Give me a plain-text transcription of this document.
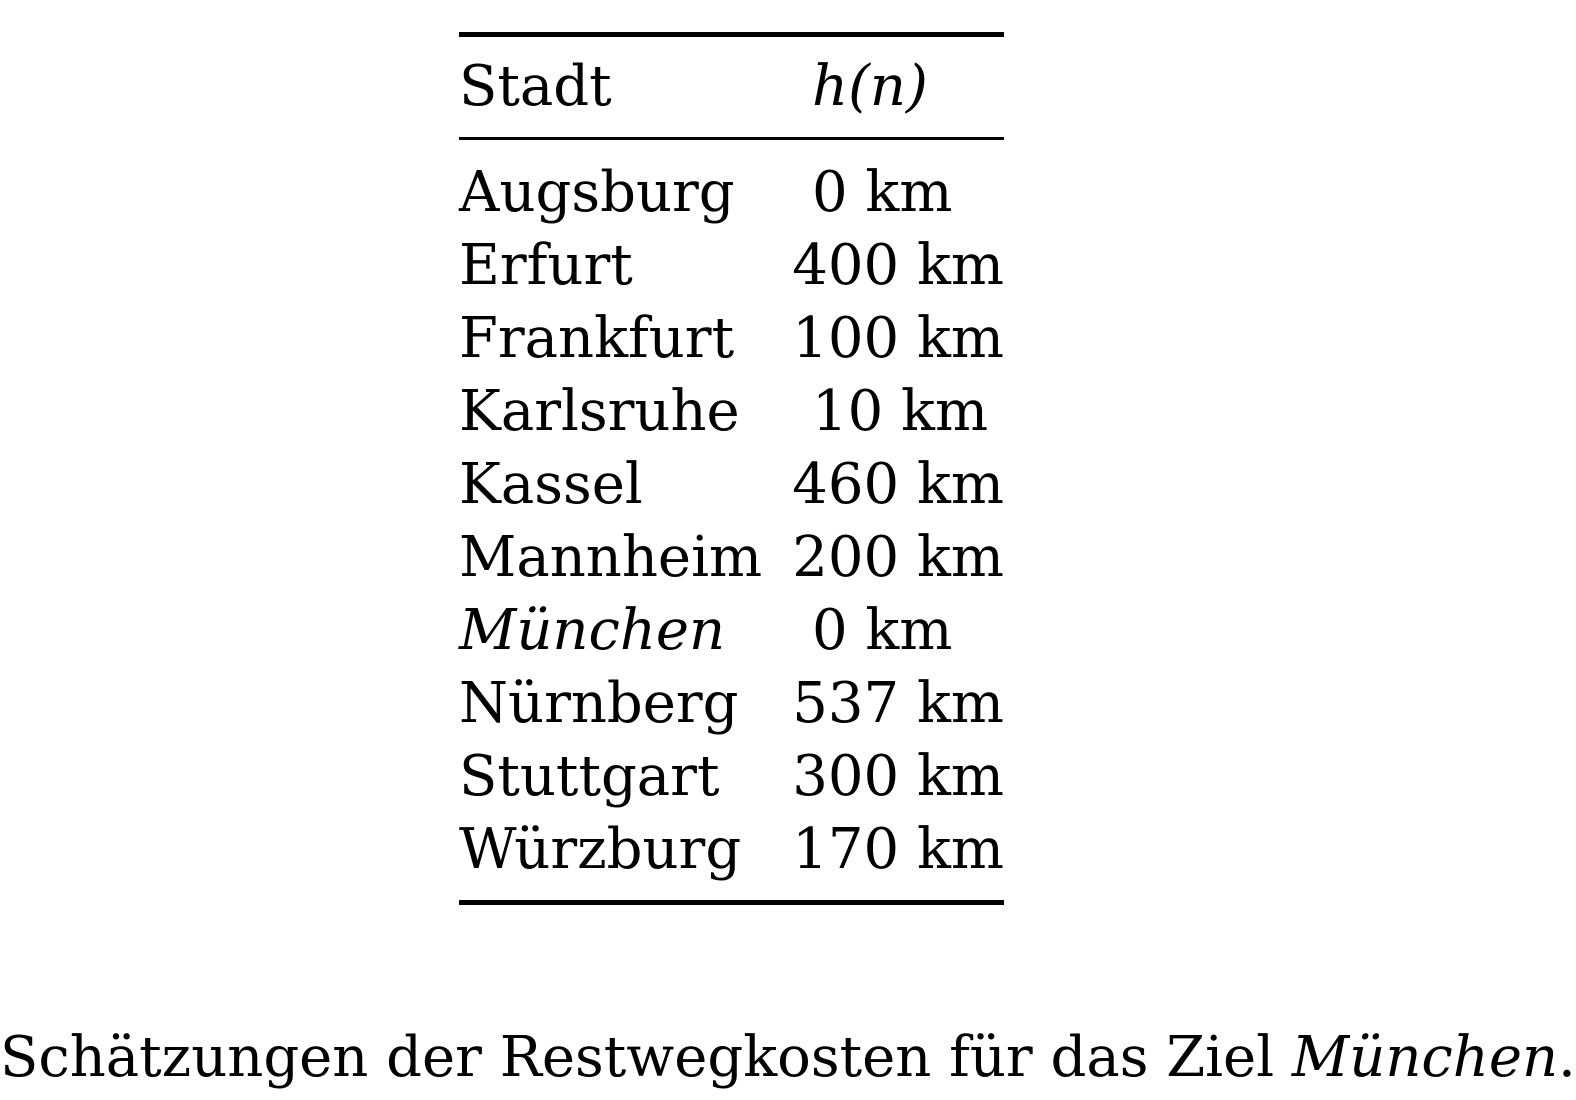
Stadt	h(n)
Augsburg	0 km
Erfurt	400 km
Frankfurt	100 km
Karlsruhe	10 km
Kassel	460 km
Mannheim 200 km
München	0 km
Nürnberg 537 km
Stuttgart	300 km
Würzburg 170 km
Schätzungen der Restwegkosten für das Ziel München.
